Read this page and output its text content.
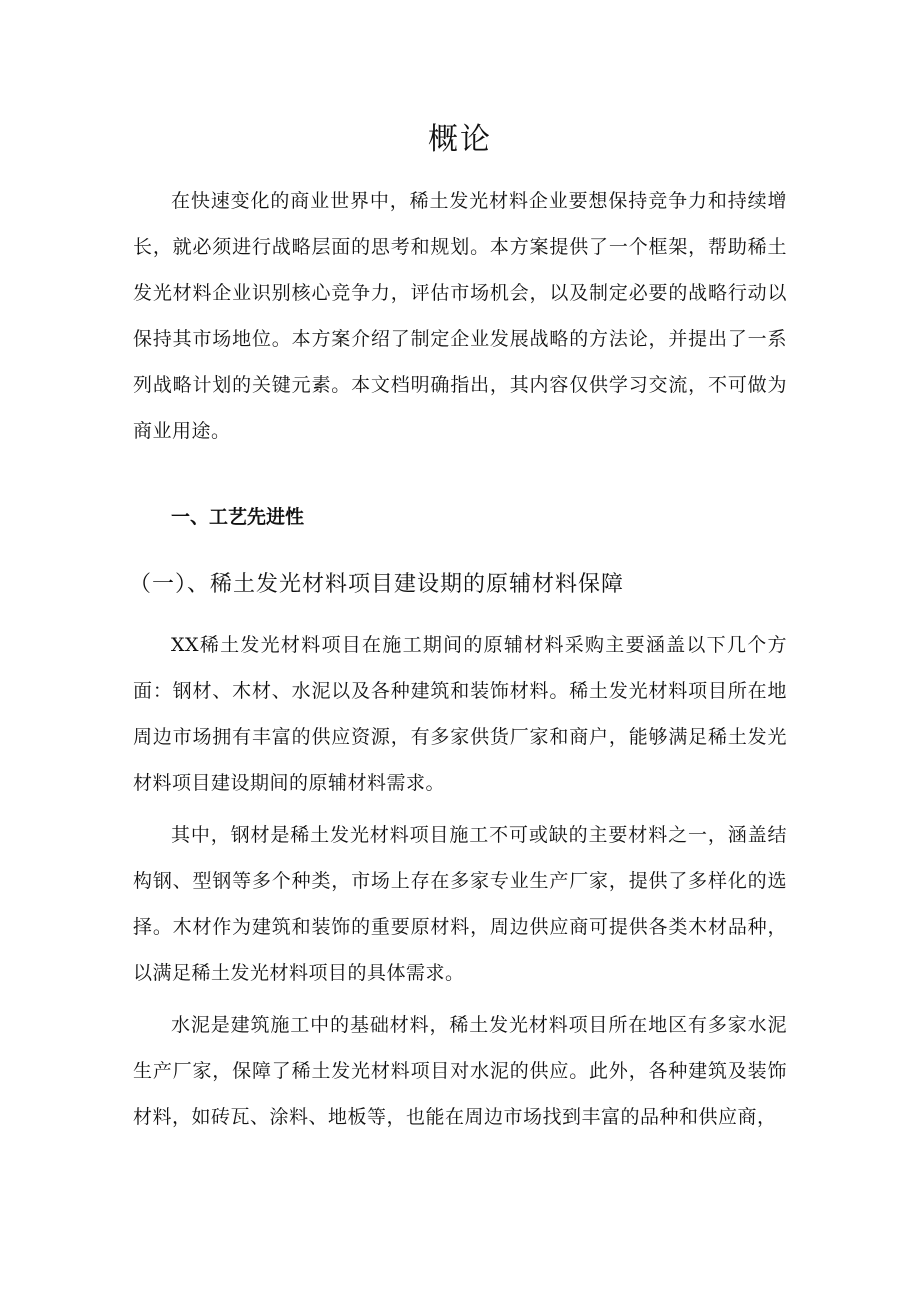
概论

在快速变化的商业世界中，稀土发光材料企业要想保持竞争力和持续增长，就必须进行战略层面的思考和规划。本方案提供了一个框架，帮助稀土发光材料企业识别核心竞争力，评估市场机会，以及制定必要的战略行动以保持其市场地位。本方案介绍了制定企业发展战略的方法论，并提出了一系列战略计划的关键元素。本文档明确指出，其内容仅供学习交流，不可做为商业用途。

一、工艺先进性
（一）、稀土发光材料项目建设期的原辅材料保障

XX稀土发光材料项目在施工期间的原辅材料采购主要涵盖以下几个方面：钢材、木材、水泥以及各种建筑和装饰材料。稀土发光材料项目所在地周边市场拥有丰富的供应资源，有多家供货厂家和商户，能够满足稀土发光材料项目建设期间的原辅材料需求。

其中，钢材是稀土发光材料项目施工不可或缺的主要材料之一，涵盖结构钢、型钢等多个种类，市场上存在多家专业生产厂家，提供了多样化的选择。木材作为建筑和装饰的重要原材料，周边供应商可提供各类木材品种，以满足稀土发光材料项目的具体需求。

水泥是建筑施工中的基础材料，稀土发光材料项目所在地区有多家水泥生产厂家，保障了稀土发光材料项目对水泥的供应。此外，各种建筑及装饰材料，如砖瓦、涂料、地板等，也能在周边市场找到丰富的品种和供应商，
